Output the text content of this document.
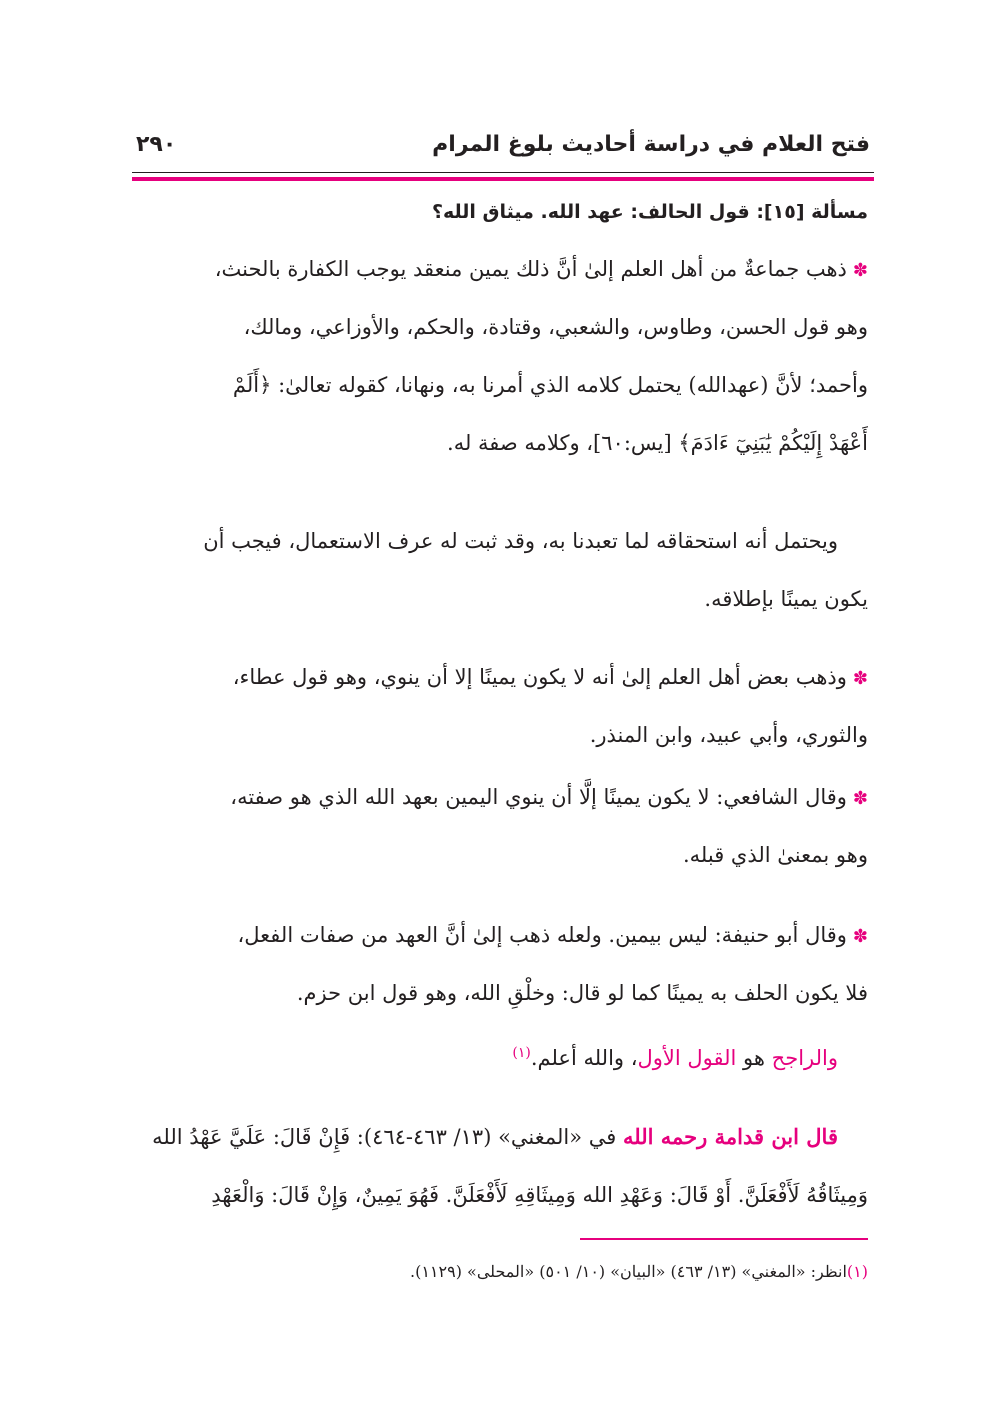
فتح العلام في دراسة أحاديث بلوغ المرام
٢٩٠
مسألة [١٥]: قول الحالف: عهد الله. ميثاق الله؟
✽ذهب جماعةٌ من أهل العلم إلىٰ أنَّ ذلك يمين منعقد يوجب الكفارة بالحنث،
وهو قول الحسن، وطاوس، والشعبي، وقتادة، والحكم، والأوزاعي، ومالك،
وأحمد؛ لأنَّ (عهدالله) يحتمل كلامه الذي أمرنا به، ونهانا، كقوله تعالىٰ: ﴿أَلَمْ
أَعْهَدْ إِلَيْكُمْ يَٰبَنِيٓ ءَادَمَ﴾ [يس:٦٠]، وكلامه صفة له.
ويحتمل أنه استحقاقه لما تعبدنا به، وقد ثبت له عرف الاستعمال، فيجب أن
يكون يمينًا بإطلاقه.
✽وذهب بعض أهل العلم إلىٰ أنه لا يكون يمينًا إلا أن ينوي، وهو قول عطاء،
والثوري، وأبي عبيد، وابن المنذر.
✽وقال الشافعي: لا يكون يمينًا إلَّا أن ينوي اليمين بعهد الله الذي هو صفته،
وهو بمعنىٰ الذي قبله.
✽وقال أبو حنيفة: ليس بيمين. ولعله ذهب إلىٰ أنَّ العهد من صفات الفعل،
فلا يكون الحلف به يمينًا كما لو قال: وخلْقِ الله، وهو قول ابن حزم.
والراجح هو القول الأول، والله أعلم.$^{(١)}$
قال ابن قدامة رحمه الله في «المغني» (١٣/ ٤٦٣-٤٦٤): فَإِنْ قَالَ: عَلَيَّ عَهْدُ الله
وَمِيثَاقُهُ لَأَفْعَلَنَّ. أَوْ قَالَ: وَعَهْدِ الله وَمِيثَاقِهِ لَأَفْعَلَنَّ. فَهُوَ يَمِينٌ، وَإِنْ قَالَ: وَالْعَهْدِ
(١)انظر: «المغني» (١٣/ ٤٦٣) «البيان» (١٠/ ٥٠١) «المحلى» (١١٢٩).
